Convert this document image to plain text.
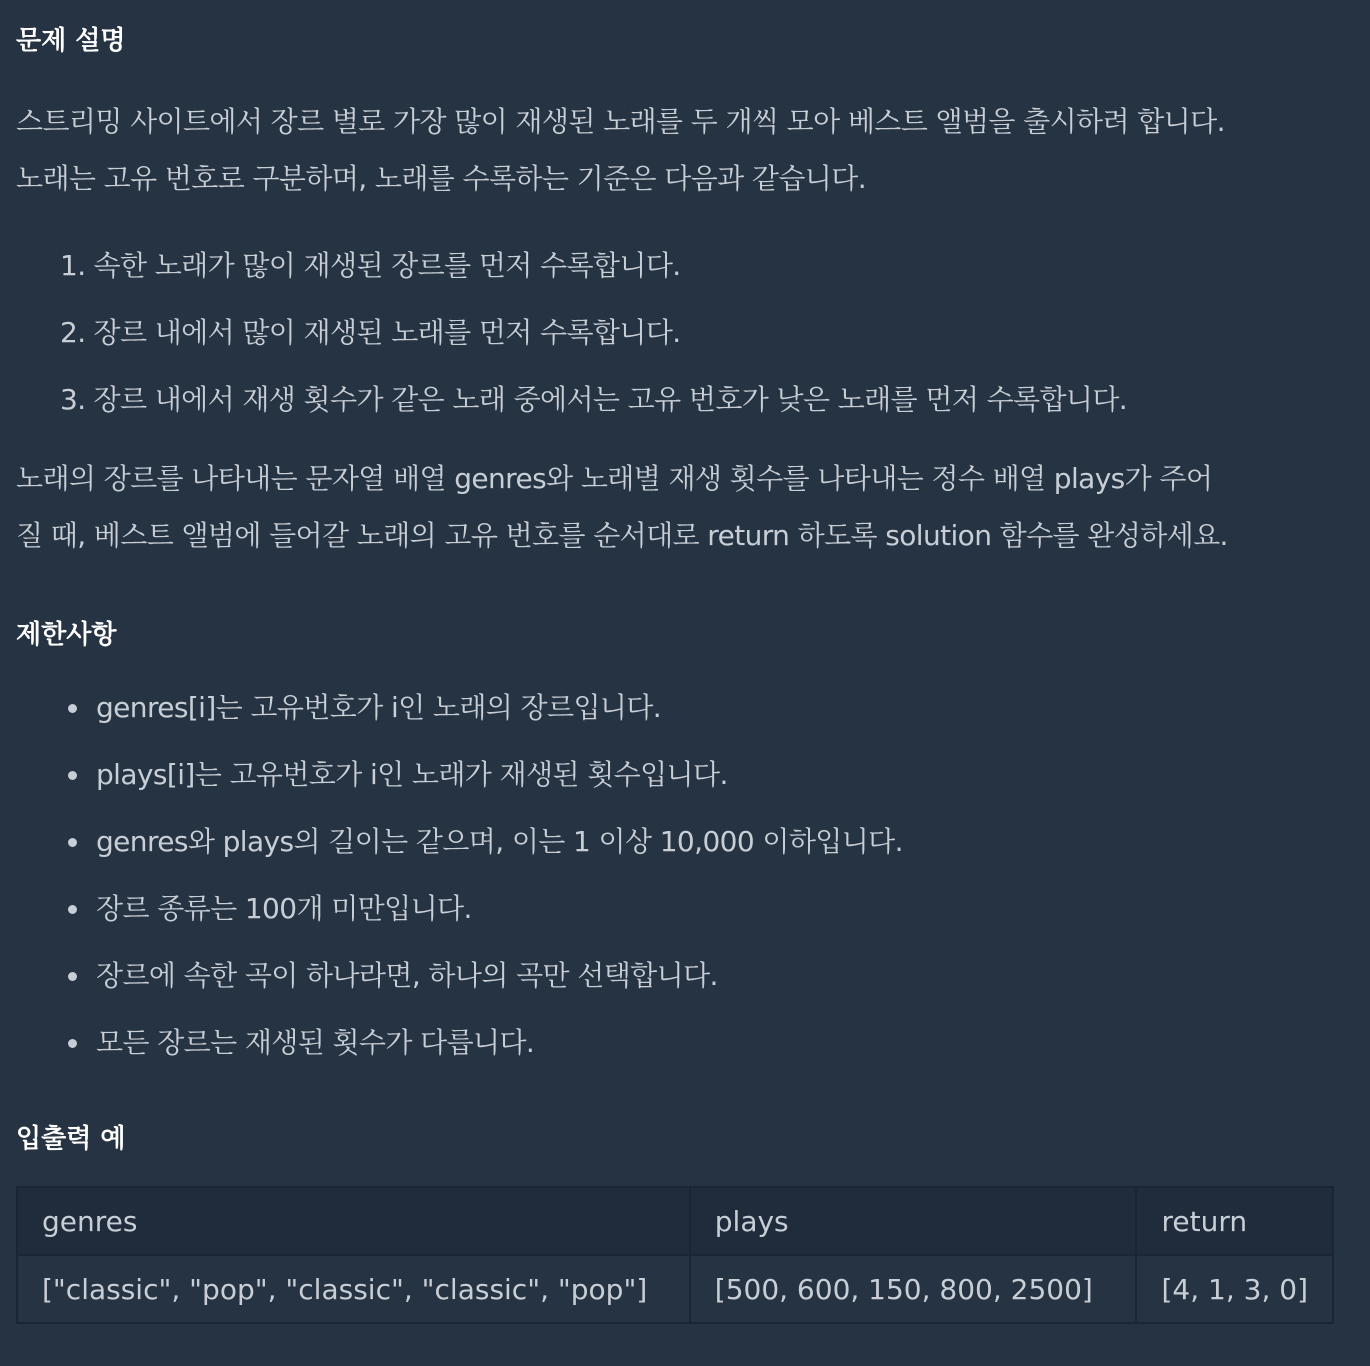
문제 설명

스트리밍 사이트에서 장르 별로 가장 많이 재생된 노래를 두 개씩 모아 베스트 앨범을 출시하려 합니다.

노래는 고유 번호로 구분하며, 노래를 수록하는 기준은 다음과 같습니다.

1. 속한 노래가 많이 재생된 장르를 먼저 수록합니다.
2. 장르 내에서 많이 재생된 노래를 먼저 수록합니다.
3. 장르 내에서 재생 횟수가 같은 노래 중에서는 고유 번호가 낮은 노래를 먼저 수록합니다.

노래의 장르를 나타내는 문자열 배열 genres와 노래별 재생 횟수를 나타내는 정수 배열 plays가 주어

질 때, 베스트 앨범에 들어갈 노래의 고유 번호를 순서대로 return 하도록 solution 함수를 완성하세요.

제한사항
genres[i]는 고유번호가 i인 노래의 장르입니다.
plays[i]는 고유번호가 i인 노래가 재생된 횟수입니다.
genres와 plays의 길이는 같으며, 이는 1 이상 10,000 이하입니다.
장르 종류는 100개 미만입니다.
장르에 속한 곡이 하나라면, 하나의 곡만 선택합니다.
모든 장르는 재생된 횟수가 다릅니다.
입출력 예
genres	plays	return
["classic", "pop", "classic", "classic", "pop"]	[500, 600, 150, 800, 2500]	[4, 1, 3, 0]
